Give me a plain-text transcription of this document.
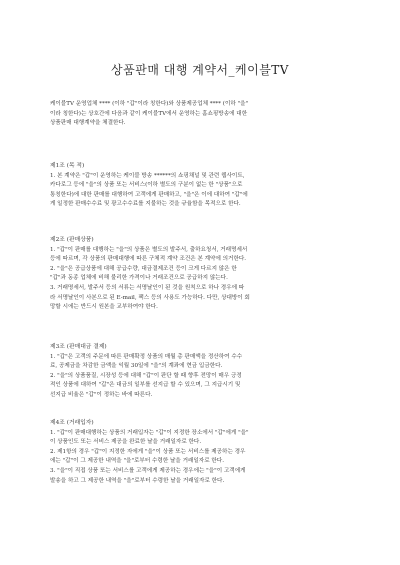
상품판매 대행 계약서_케이블TV
케이블TV 운영업체 **** (이하 "갑"이라 칭한다)와 상품제공업체 **** (이하 "을"
이라 칭한다)는 상호간에 다음과 같이 케이블TV에서 운영하는 홈쇼핑방송에 대한
상품판매 대행계약을 체결한다.
제1조 (목 적)
1. 본 계약은 "갑"이 운영하는 케이블 방송 ******의 쇼핑채널 및 관련 웹사이트,
카다로그 등에 "을"의 상품 또는 서비스(이하 별도의 구분이 없는 한 "상품"으로
통칭한다)에 대한 판매를 대행하여 고객에게 판매하고, "을"은 이에 대하여 "갑"에
게 일정한 판매수수료 및 광고수수료를 지불하는 것을 규율함을 목적으로 한다.
제2조 (판매상품)
1. "갑"이 판매를 대행하는 "을"의 상품은 별도의 발주서, 출하요청서, 거래명세서
등에 따르며, 각 상품의 판매대행에 따른 구체적 계약 조건은 본 계약에 의거한다.
2. "을"은 공급상품에 대해 공급수량, 대금결제조건 등이 크게 다르지 않은 한
"갑"과 동종 업체에 비해 불리한 가격이나 거래조건으로 공급하지 않는다.
3. 거래명세서, 발주서 등의 서류는 서명날인이 된 것을 원칙으로 하나 경우에 따
라 서명날인이 사본으로 된 E-mail, 팩스 등의 사용도 가능하다. 다만, 상대방이 회
망할 시에는 반드시 원본을 교부하여야 한다.
제3조 (판매대금 결제)
1. "갑"은 고객의 주문에 따른 판매확정 상품의 매월 총 판매액을 정산하여 수수
료, 공제금을 차감한 금액을 익월 30일에 "을"의 계좌에 현금 입금한다.
2. "을"의 상품품질, 시장성 등에 대해 "갑"이 판단 할 때 향후 전망이 매우 긍정
적인 상품에 대하여 "갑"은 대금의 일부를 선지급 할 수 있으며, 그 지급시기 및
선지급 비율은 "갑"이 정하는 바에 따른다.
제4조 (거래입자)
1. "갑"이 판매대행하는 상품의 거래입자는 "갑"이 지정한 장소에서 "갑"에게 "을"
이 상품인도 또는 서비스 제공을 완료한 날을 거래일자로 한다.
2. 제1항의 경우 "갑"이 지정한 자에게 "을"이 상품 또는 서비스를 제공하는 경우
에는 "갑"이 그 제공한 내역을 "을"로부터 수령한 날을 거래일자로 한다.
3. "을"이 직접 상품 또는 서비스를 고객에게 제공하는 경우에는 "을"이 고객에게
발송을 하고 그 제공한 내역을 "을"로부터 수령한 날을 거래일자로 한다.
